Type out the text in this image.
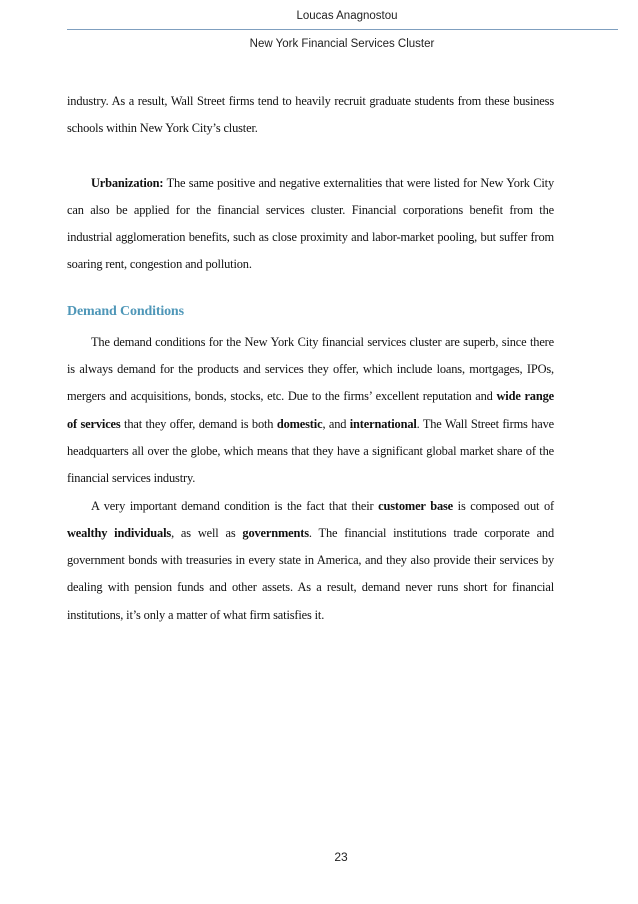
Loucas Anagnostou
New York Financial Services Cluster

industry. As a result, Wall Street firms tend to heavily recruit graduate students from these business schools within New York City’s cluster.

Urbanization: The same positive and negative externalities that were listed for New York City can also be applied for the financial services cluster. Financial corporations benefit from the industrial agglomeration benefits, such as close proximity and labor-market pooling, but suffer from soaring rent, congestion and pollution.

Demand Conditions

The demand conditions for the New York City financial services cluster are superb, since there is always demand for the products and services they offer, which include loans, mortgages, IPOs, mergers and acquisitions, bonds, stocks, etc. Due to the firms’ excellent reputation and wide range of services that they offer, demand is both domestic, and international. The Wall Street firms have headquarters all over the globe, which means that they have a significant global market share of the financial services industry.

A very important demand condition is the fact that their customer base is composed out of wealthy individuals, as well as governments. The financial institutions trade corporate and government bonds with treasuries in every state in America, and they also provide their services by dealing with pension funds and other assets. As a result, demand never runs short for financial institutions, it’s only a matter of what firm satisfies it.

23
